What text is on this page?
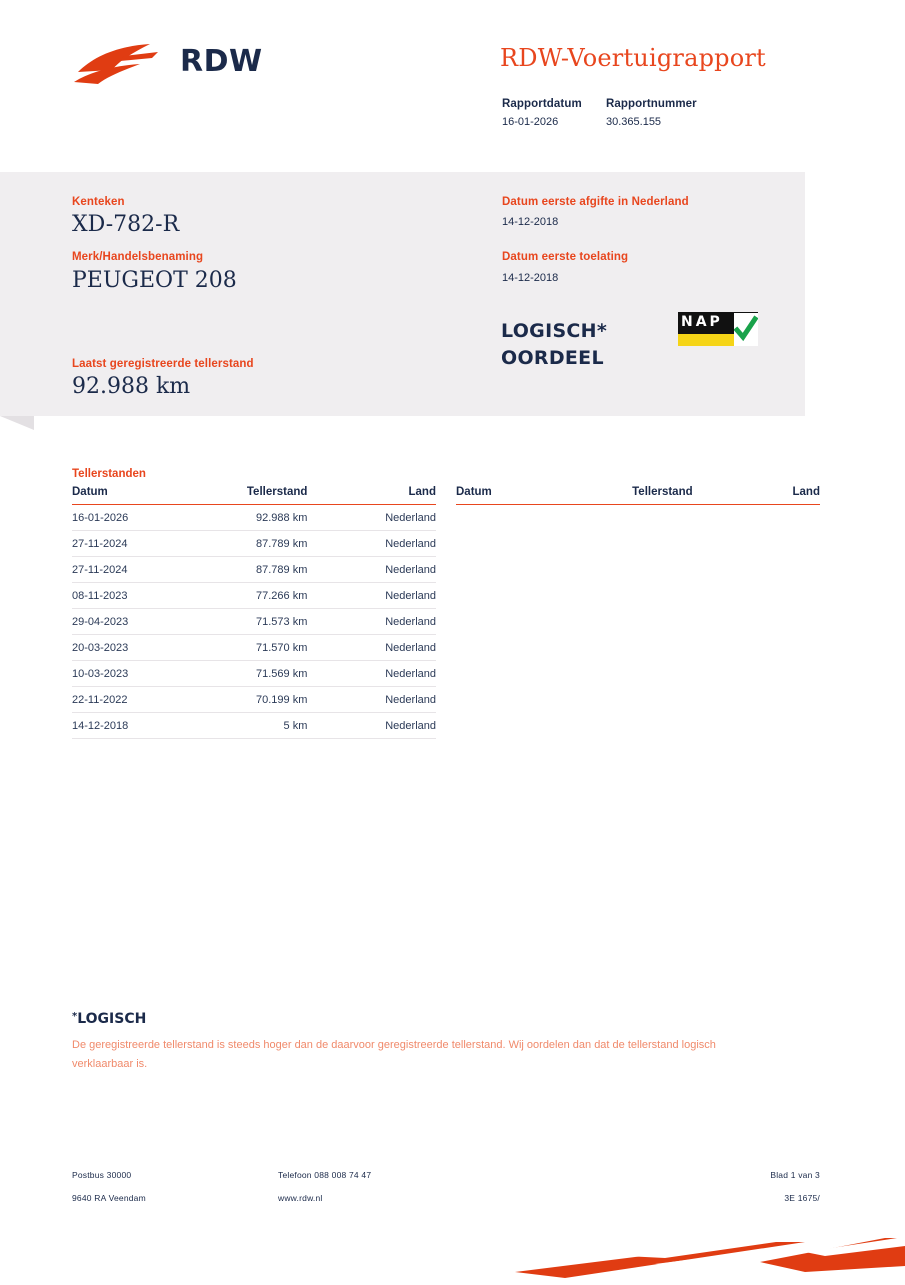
RDW	RDW-Voertuigrapport
Rapportdatum
16-01-2026
Rapportnummer
30.365.155
Kenteken
XD-782-R
Merk/Handelsbenaming
PEUGEOT 208
Laatst geregistreerde tellerstand
92.988 km
Datum eerste afgifte in Nederland
14-12-2018
Datum eerste toelating
14-12-2018
LOGISCH*
OORDEEL
NAP
Tellerstanden
Datum	Tellerstand	Land
16-01-2026	92.988 km	Nederland
27-11-2024	87.789 km	Nederland
27-11-2024	87.789 km	Nederland
08-11-2023	77.266 km	Nederland
29-04-2023	71.573 km	Nederland
20-03-2023	71.570 km	Nederland
10-03-2023	71.569 km	Nederland
22-11-2022	70.199 km	Nederland
14-12-2018	5 km	Nederland
Datum	Tellerstand	Land
*LOGISCH
De geregistreerde tellerstand is steeds hoger dan de daarvoor geregistreerde tellerstand. Wij oordelen dan dat de tellerstand logisch verklaarbaar is.
Postbus 30000
9640 RA Veendam
Telefoon 088 008 74 47
www.rdw.nl
Blad 1 van 3
3E 1675/
